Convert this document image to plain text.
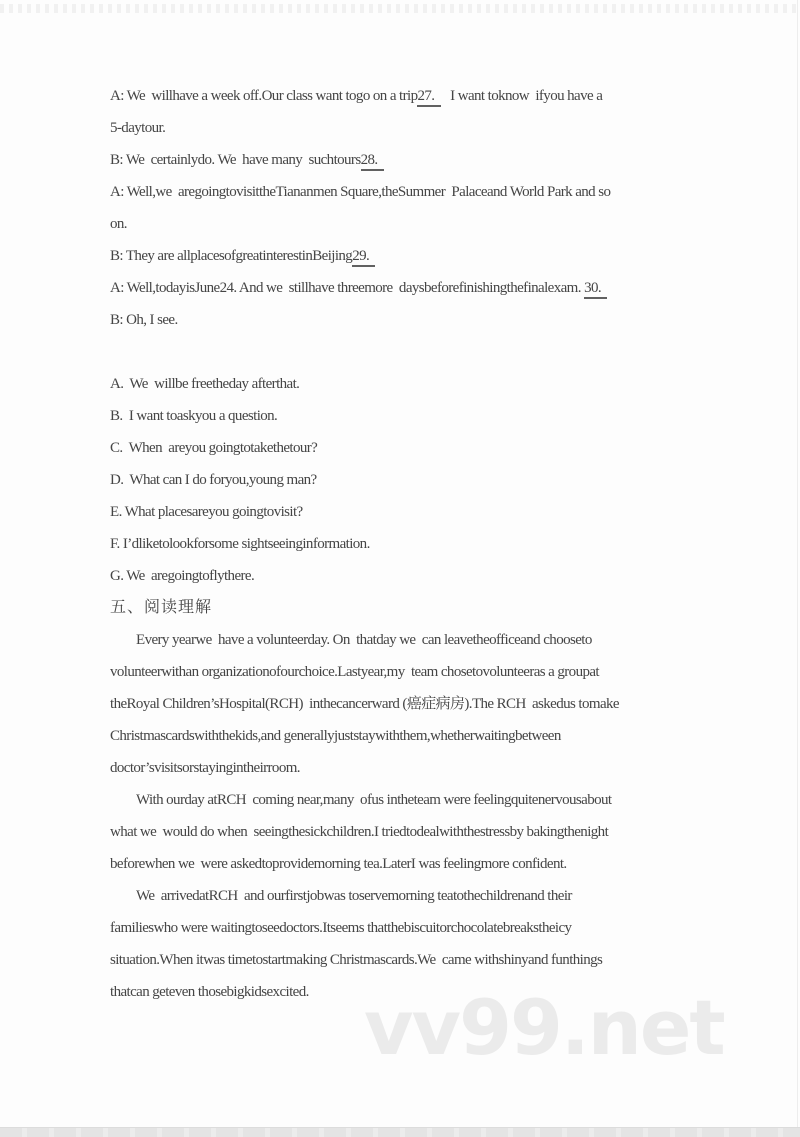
vv99.net
A: We  willhave a week off.Our class want togo on a trip27.     I want toknow  ifyou have a
5-daytour.
B: We  certainlydo. We  have many  suchtours28.
A: Well,we  aregoingtovisittheTiananmen Square,theSummer  Palaceand World Park and so
on.
B: They are allplacesofgreatinterestinBeijing29.
A: Well,todayisJune24. And we  stillhave threemore  daysbeforefinishingthefinalexam. 30.
B: Oh, I see.
A.  We  willbe freetheday afterthat.
B.  I want toaskyou a question.
C.  When  areyou goingtotakethetour?
D.  What can I do foryou,young man?
E. What placesareyou goingtovisit?
F. I’dliketolookforsome sightseeinginformation.
G. We  aregoingtoflythere.
五、阅读理解
Every yearwe  have a volunteerday. On  thatday we  can leavetheofficeand chooseto
volunteerwithan organizationofourchoice.Lastyear,my  team chosetovolunteeras a groupat
theRoyal Children’sHospital(RCH)  inthecancerward (癌症病房).The RCH  askedus tomake
Christmascardswiththekids,and generallyjuststaywiththem,whetherwaitingbetween
doctor’svisitsorstayingintheirroom.
With ourday atRCH  coming near,many  ofus intheteam were feelingquitenervousabout
what we  would do when  seeingthesickchildren.I triedtodealwiththestressby bakingthenight
beforewhen we  were askedtoprovidemorning tea.LaterI was feelingmore confident.
We  arrivedatRCH  and ourfirstjobwas toservemorning teatothechildrenand their
familieswho were waitingtoseedoctors.Itseems thatthebiscuitorchocolatebreakstheicy
situation.When itwas timetostartmaking Christmascards.We  came withshinyand funthings
thatcan geteven thosebigkidsexcited.
